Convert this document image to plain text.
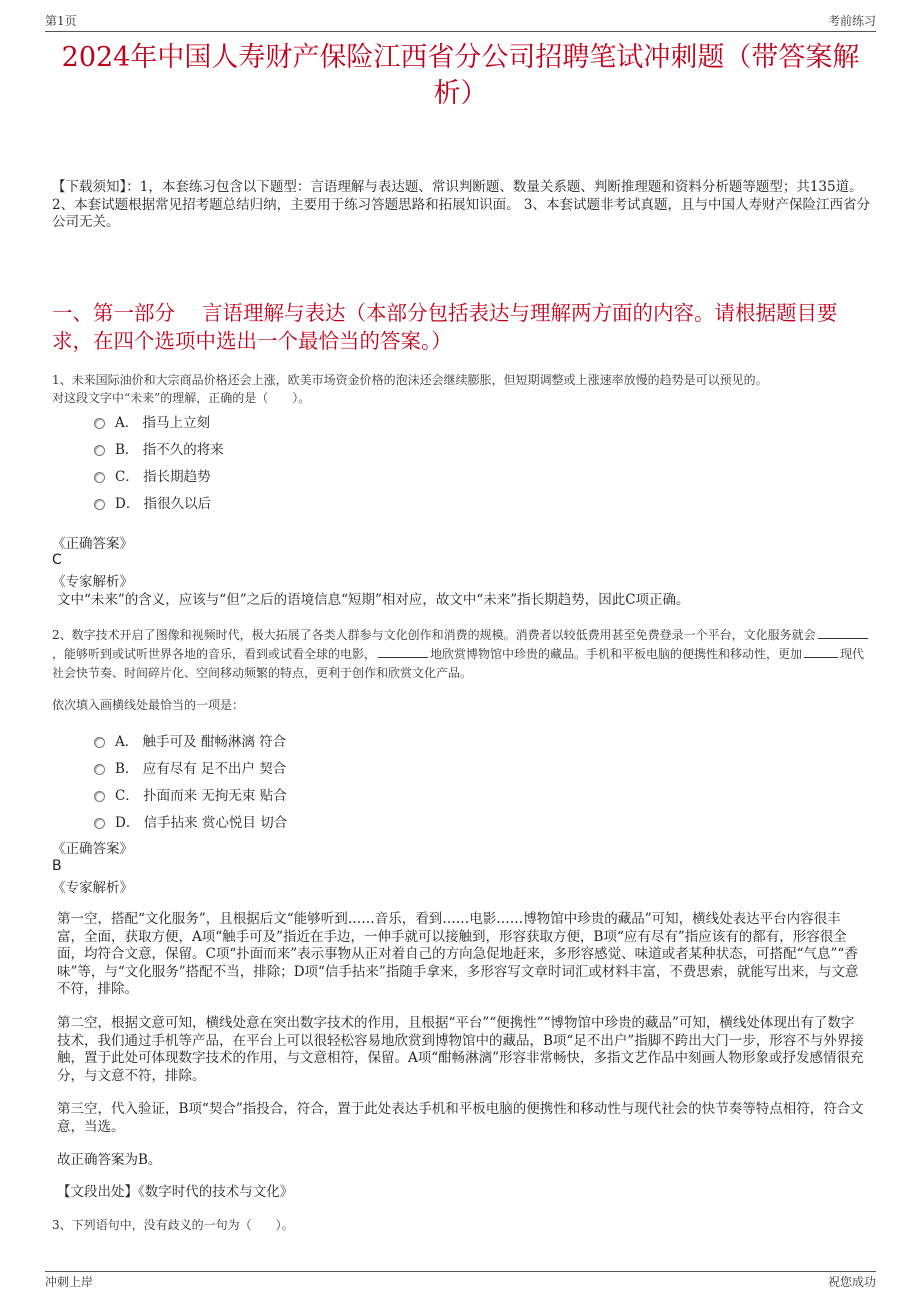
第1页	考前练习
2024年中国人寿财产保险江西省分公司招聘笔试冲刺题（带答案解析）
【下载须知】：1，本套练习包含以下题型：言语理解与表达题、常识判断题、数量关系题、判断推理题和资料分析题等题型；共135道。 2、本套试题根据常见招考题总结归纳，主要用于练习答题思路和拓展知识面。 3、本套试题非考试真题，且与中国人寿财产保险江西省分公司无关。
一、第一部分　 言语理解与表达（本部分包括表达与理解两方面的内容。请根据题目要求，在四个选项中选出一个最恰当的答案。）
1、未来国际油价和大宗商品价格还会上涨，欧美市场资金价格的泡沫还会继续膨胀，但短期调整或上涨速率放慢的趋势是可以预见的。
对这段文字中“未来”的理解，正确的是（　　）。
A． 指马上立刻
B． 指不久的将来
C． 指长期趋势
D． 指很久以后
《正确答案》
C
《专家解析》
文中“未来”的含义，应该与“但”之后的语境信息“短期”相对应，故文中“未来”指长期趋势，因此C项正确。
2、数字技术开启了图像和视频时代，极大拓展了各类人群参与文化创作和消费的规模。消费者以较低费用甚至免费登录一个平台，文化服务就会，能够听到或试听世界各地的音乐，看到或试看全球的电影，	地欣赏博物馆中珍贵的藏品。手机和平板电脑的便携性和移动性，更加	现代社会快节奏、时间碎片化、空间移动频繁的特点，更利于创作和欣赏文化产品。
依次填入画横线处最恰当的一项是：
A． 触手可及 酣畅淋漓 符合
B． 应有尽有 足不出户 契合
C． 扑面而来 无拘无束 贴合
D． 信手拈来 赏心悦目 切合
《正确答案》
B
《专家解析》
第一空，搭配“文化服务”，且根据后文“能够听到……音乐，看到……电影……博物馆中珍贵的藏品”可知，横线处表达平台内容很丰富，全面，获取方便，A项“触手可及”指近在手边，一伸手就可以接触到，形容获取方便，B项“应有尽有”指应该有的都有，形容很全面，均符合文意，保留。C项“扑面而来”表示事物从正对着自己的方向急促地赶来，多形容感觉、味道或者某种状态，可搭配“气息”“香味”等，与“文化服务”搭配不当，排除；D项“信手拈来”指随手拿来，多形容写文章时词汇或材料丰富，不费思索，就能写出来，与文意不符，排除。
第二空，根据文意可知，横线处意在突出数字技术的作用，且根据“平台”“便携性”“博物馆中珍贵的藏品”可知，横线处体现出有了数字技术，我们通过手机等产品，在平台上可以很轻松容易地欣赏到博物馆中的藏品，B项“足不出户”指脚不跨出大门一步，形容不与外界接触，置于此处可体现数字技术的作用，与文意相符，保留。A项“酣畅淋漓”形容非常畅快，多指文艺作品中刻画人物形象或抒发感情很充分，与文意不符，排除。
第三空，代入验证，B项“契合”指投合，符合，置于此处表达手机和平板电脑的便携性和移动性与现代社会的快节奏等特点相符，符合文意，当选。
故正确答案为B。
【文段出处】《数字时代的技术与文化》
3、下列语句中，没有歧义的一句为（　　）。
冲刺上岸	祝您成功
